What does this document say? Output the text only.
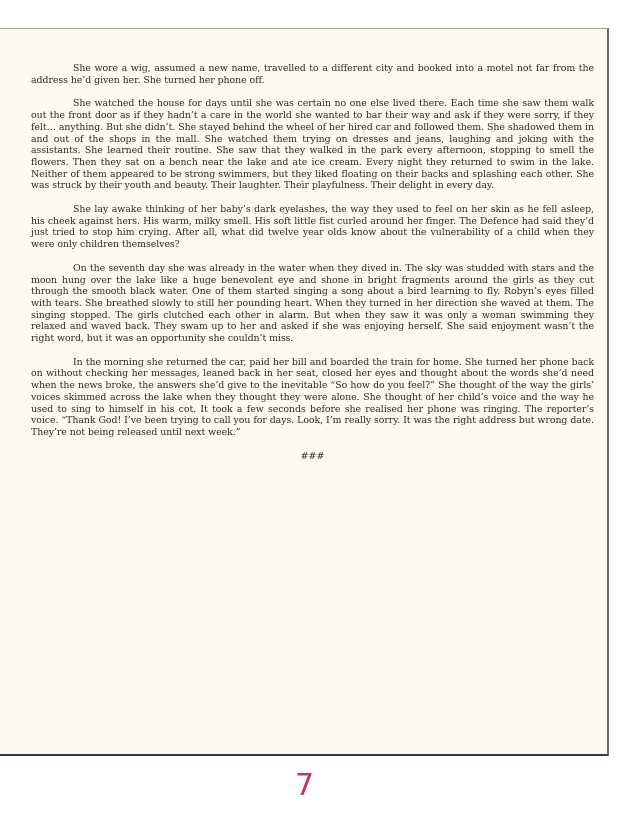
She wore a wig, assumed a new name, travelled to a different city and booked into a motel not far from the address he’d given her. She turned her phone off.

She watched the house for days until she was certain no one else lived there. Each time she saw them walk out the front door as if they hadn’t a care in the world she wanted to bar their way and ask if they were sorry, if they felt… anything. But she didn’t. She stayed behind the wheel of her hired car and followed them. She shadowed them in and out of the shops in the mall. She watched them trying on dresses and jeans, laughing and joking with the assistants. She learned their routine. She saw that they walked in the park every afternoon, stopping to smell the flowers. Then they sat on a bench near the lake and ate ice cream. Every night they returned to swim in the lake. Neither of them appeared to be strong swimmers, but they liked floating on their backs and splashing each other. She was struck by their youth and beauty. Their laughter. Their playfulness. Their delight in every day.

She lay awake thinking of her baby’s dark eyelashes, the way they used to feel on her skin as he fell asleep, his cheek against hers. His warm, milky smell. His soft little fist curled around her finger. The Defence had said they’d just tried to stop him crying. After all, what did twelve year olds know about the vulnerability of a child when they were only children themselves?

On the seventh day she was already in the water when they dived in. The sky was studded with stars and the moon hung over the lake like a huge benevolent eye and shone in bright fragments around the girls as they cut through the smooth black water. One of them started singing a song about a bird learning to fly. Robyn’s eyes filled with tears. She breathed slowly to still her pounding heart. When they turned in her direction she waved at them. The singing stopped. The girls clutched each other in alarm. But when they saw it was only a woman swimming they relaxed and waved back. They swam up to her and asked if she was enjoying herself. She said enjoyment wasn’t the right word, but it was an opportunity she couldn’t miss.

In the morning she returned the car, paid her bill and boarded the train for home. She turned her phone back on without checking her messages, leaned back in her seat, closed her eyes and thought about the words she’d need when the news broke, the answers she’d give to the inevitable “So how do you feel?” She thought of the way the girls’ voices skimmed across the lake when they thought they were alone. She thought of her child’s voice and the way he used to sing to himself in his cot. It took a few seconds before she realised her phone was ringing. The reporter’s voice. “Thank God! I’ve been trying to call you for days. Look, I’m really sorry. It was the right address but wrong date. They’re not being released until next week.”

###
7
